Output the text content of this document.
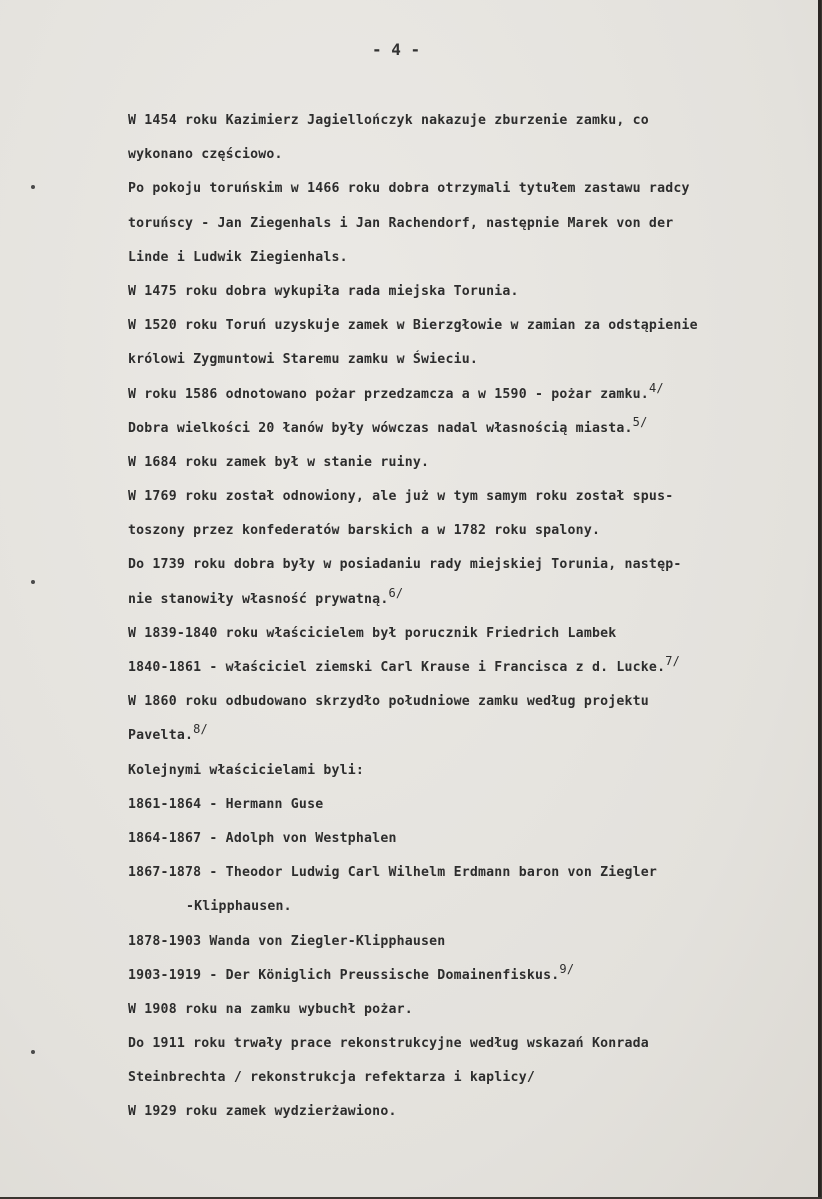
- 4 -
W 1454 roku Kazimierz Jagiellończyk nakazuje zburzenie zamku, co
wykonano częściowo.
Po pokoju toruńskim w 1466 roku dobra otrzymali tytułem zastawu radcy
toruńscy - Jan Ziegenhals i Jan Rachendorf, następnie Marek von der
Linde i Ludwik Ziegienhals.
W 1475 roku dobra wykupiła rada miejska Torunia.
W 1520 roku Toruń uzyskuje zamek w Bierzgłowie w zamian za odstąpienie
królowi Zygmuntowi Staremu zamku w Świeciu.
W roku 1586 odnotowano pożar przedzamcza a w 1590 - pożar zamku.$^{4/}$
Dobra wielkości 20 łanów były wówczas nadal własnością miasta.$^{5/}$
W 1684 roku zamek był w stanie ruiny.
W 1769 roku został odnowiony, ale już w tym samym roku został spus-
toszony przez konfederatów barskich a w 1782 roku spalony.
Do 1739 roku dobra były w posiadaniu rady miejskiej Torunia, następ-
nie stanowiły własność prywatną.$^{6/}$
W 1839-1840 roku właścicielem był porucznik Friedrich Lambek
1840-1861 - właściciel ziemski Carl Krause i Francisca z d. Lucke.$^{7/}$
W 1860 roku odbudowano skrzydło południowe zamku według projektu
Pavelta.$^{8/}$
Kolejnymi właścicielami byli:
1861-1864 - Hermann Guse
1864-1867 - Adolph von Westphalen
1867-1878 - Theodor Ludwig Carl Wilhelm Erdmann baron von Ziegler
-Klipphausen.
1878-1903 Wanda von Ziegler-Klipphausen
1903-1919 - Der Königlich Preussische Domainenfiskus.$^{9/}$
W 1908 roku na zamku wybuchł pożar.
Do 1911 roku trwały prace rekonstrukcyjne według wskazań Konrada
Steinbrechta / rekonstrukcja refektarza i kaplicy/
W 1929 roku zamek wydzierżawiono.
